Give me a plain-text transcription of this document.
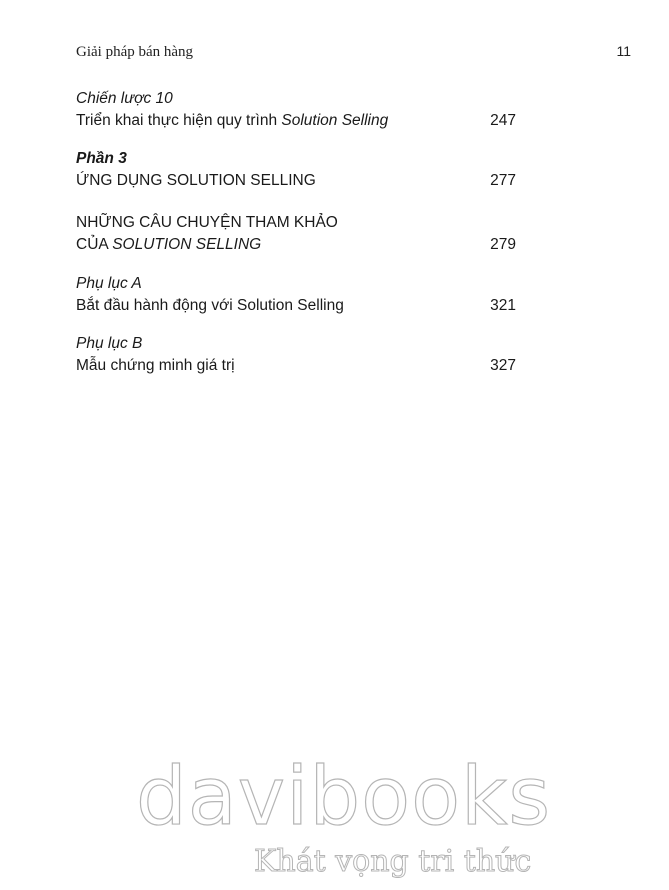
Giải pháp bán hàng	11
Chiến lược 10
Triển khai thực hiện quy trình Solution Selling	247
Phần 3
ỨNG DỤNG SOLUTION SELLING	277
NHỮNG CÂU CHUYỆN THAM KHẢO
CỦA SOLUTION SELLING	279
Phụ lục A
Bắt đầu hành động với Solution Selling	321
Phụ lục B
Mẫu chứng minh giá trị	327
davibooks
Khát vọng tri thức
